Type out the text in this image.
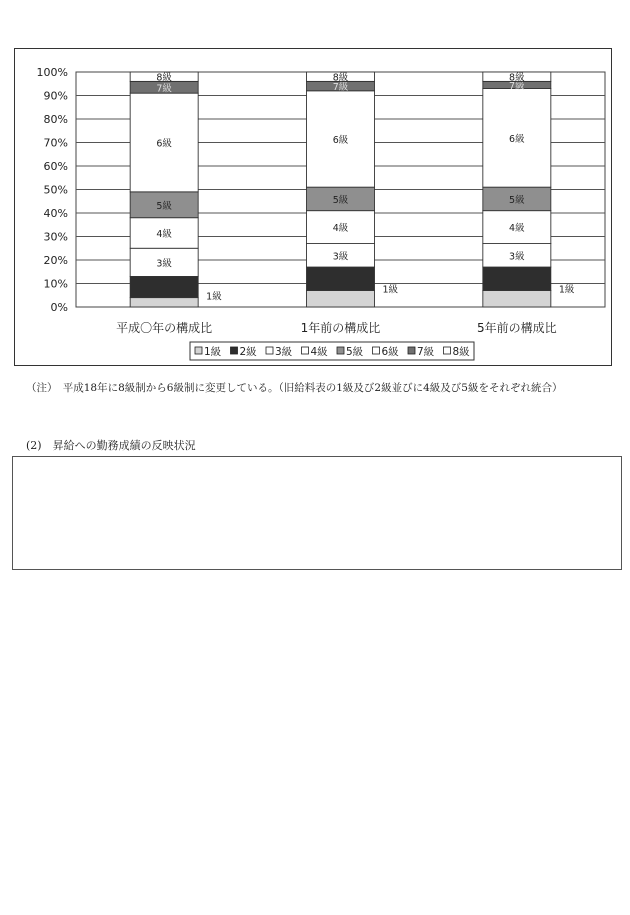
0%
10%
20%
30%
40%
50%
60%
70%
80%
90%
100%
1級
3級
4級
5級
6級
7級
8級
平成〇年の構成比
1級
3級
4級
5級
6級
7級
8級
1年前の構成比
1級
3級
4級
5級
6級
7級
8級
5年前の構成比
1級 2級 3級 4級 5級 6級 7級 8級
（注）　平成18年に8級制から6級制に変更している。（旧給料表の1級及び2級並びに4級及び5級をそれぞれ統合）
(2)　昇給への勤務成績の反映状況
